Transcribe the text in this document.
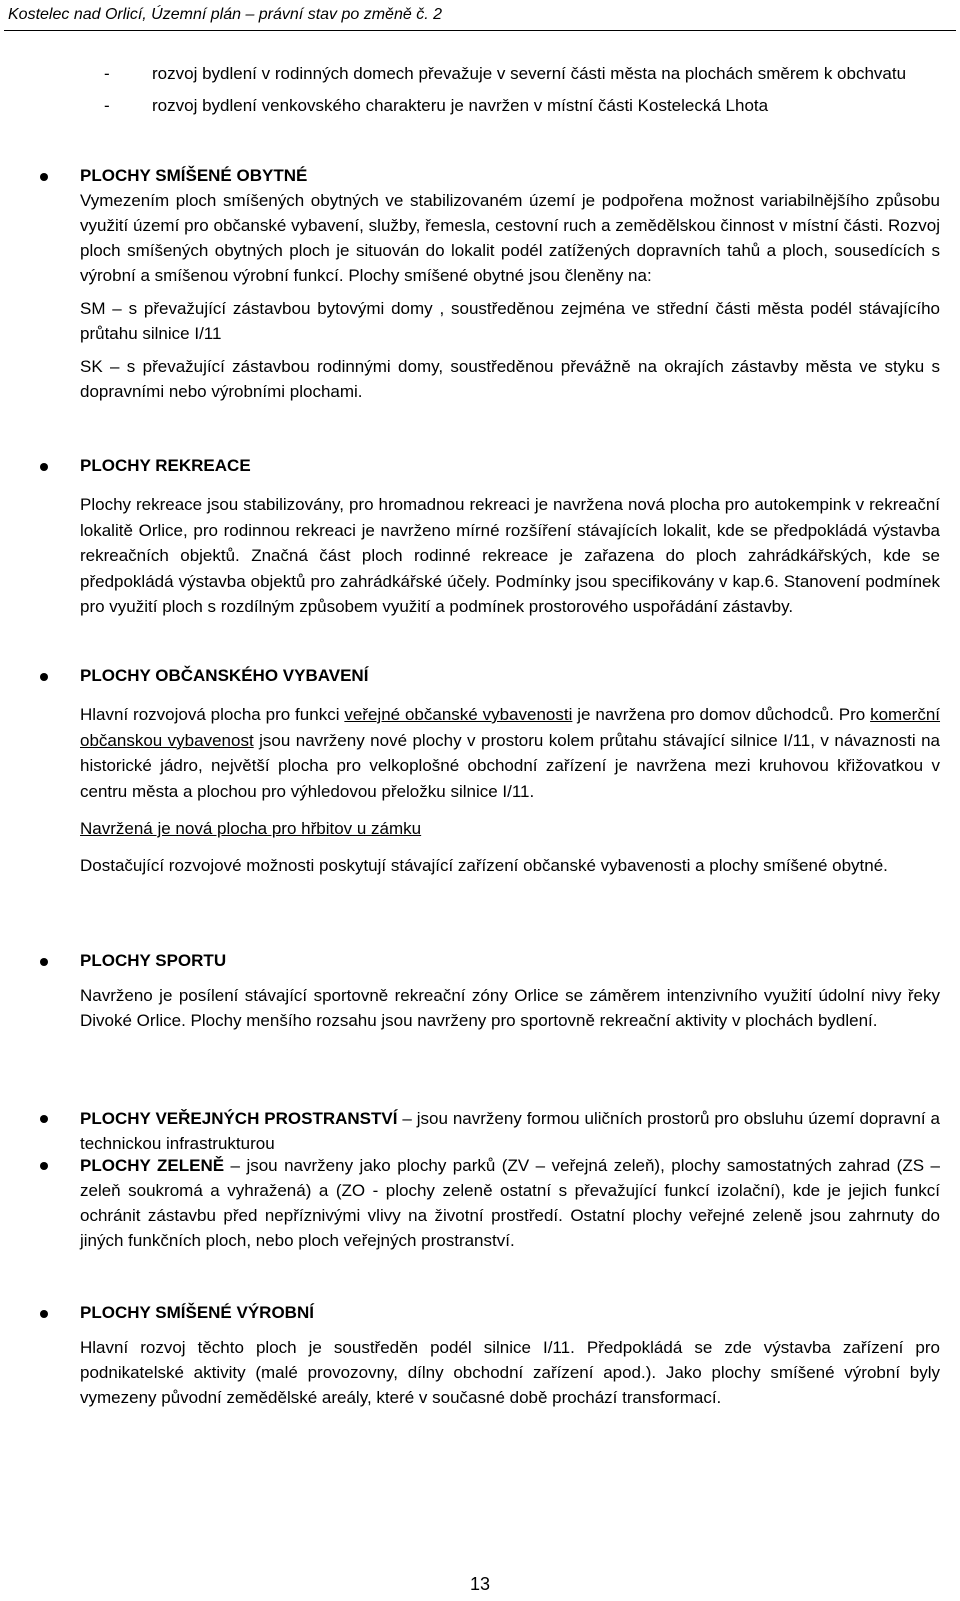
Kostelec nad Orlicí, Územní plán – právní stav po změně č. 2
-	rozvoj bydlení v rodinných domech převažuje v severní části města na plochách směrem k obchvatu
-	rozvoj bydlení venkovského charakteru je navržen v místní části Kostelecká Lhota
PLOCHY SMÍŠENÉ OBYTNÉ

Vymezením ploch smíšených obytných ve stabilizovaném území je podpořena možnost variabilnějšího způsobu využití území pro občanské vybavení, služby, řemesla, cestovní ruch a zemědělskou činnost v místní části. Rozvoj ploch smíšených obytných ploch je situován do lokalit podél zatížených dopravních tahů a ploch, sousedících s výrobní a smíšenou výrobní funkcí. Plochy smíšené obytné jsou členěny na:

SM – s převažující zástavbou bytovými domy , soustředěnou zejména ve střední části města podél stávajícího průtahu silnice I/11

SK – s převažující zástavbou rodinnými domy, soustředěnou převážně na okrajích zástavby města ve styku s dopravními nebo výrobními plochami.

PLOCHY REKREACE

Plochy rekreace jsou stabilizovány, pro hromadnou rekreaci je navržena nová plocha pro autokempink v rekreační lokalitě Orlice, pro rodinnou rekreaci je navrženo mírné rozšíření stávajících lokalit, kde se předpokládá výstavba rekreačních objektů. Značná část ploch rodinné rekreace je zařazena do ploch zahrádkářských, kde se předpokládá výstavba objektů pro zahrádkářské účely. Podmínky jsou specifikovány v kap.6. Stanovení podmínek pro využití ploch s rozdílným způsobem využití a podmínek prostorového uspořádání zástavby.

PLOCHY OBČANSKÉHO VYBAVENÍ

Hlavní rozvojová plocha pro funkci veřejné občanské vybavenosti je navržena pro domov důchodců. Pro komerční občanskou vybavenost jsou navrženy nové plochy v prostoru kolem průtahu stávající silnice I/11, v návaznosti na historické jádro, největší plocha pro velkoplošné obchodní zařízení je navržena mezi kruhovou křižovatkou v centru města a plochou pro výhledovou přeložku silnice I/11.

Navržená je nová plocha pro hřbitov u zámku

Dostačující rozvojové možnosti poskytují stávající zařízení občanské vybavenosti a plochy smíšené obytné.

PLOCHY SPORTU

Navrženo je posílení stávající sportovně rekreační zóny Orlice se záměrem intenzivního využití údolní nivy řeky Divoké Orlice. Plochy menšího rozsahu jsou navrženy pro sportovně rekreační aktivity v plochách bydlení.

PLOCHY VEŘEJNÝCH PROSTRANSTVÍ – jsou navrženy formou uličních prostorů pro obsluhu území dopravní a technickou infrastrukturou

PLOCHY ZELENĚ – jsou navrženy jako plochy parků (ZV – veřejná zeleň), plochy samostatných zahrad (ZS – zeleň soukromá a vyhražená) a (ZO - plochy zeleně ostatní s převažující funkcí izolační), kde je jejich funkcí ochránit zástavbu před nepříznivými vlivy na životní prostředí. Ostatní plochy veřejné zeleně jsou zahrnuty do jiných funkčních ploch, nebo ploch veřejných prostranství.

PLOCHY SMÍŠENÉ VÝROBNÍ

Hlavní rozvoj těchto ploch je soustředěn podél silnice I/11. Předpokládá se zde výstavba zařízení pro podnikatelské aktivity (malé provozovny, dílny obchodní zařízení apod.). Jako plochy smíšené výrobní byly vymezeny původní zemědělské areály, které v současné době prochází transformací.

13
